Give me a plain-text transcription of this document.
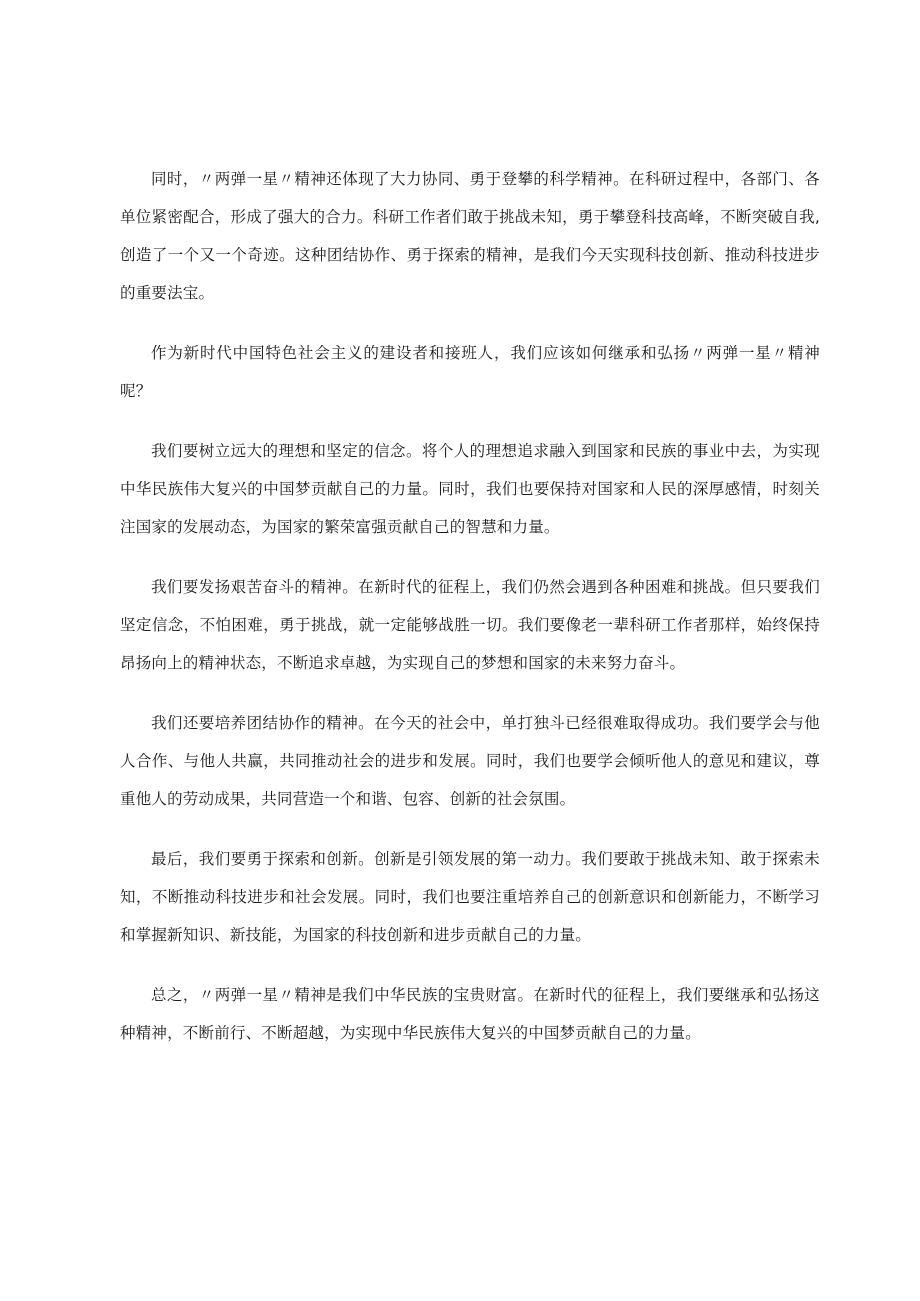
同时，〃两弹一星〃精神还体现了大力协同、勇于登攀的科学精神。在科研过程中，各部门、各单位紧密配合，形成了强大的合力。科研工作者们敢于挑战未知，勇于攀登科技高峰，不断突破自我,创造了一个又一个奇迹。这种团结协作、勇于探索的精神，是我们今天实现科技创新、推动科技进步的重要法宝。

作为新时代中国特色社会主义的建设者和接班人，我们应该如何继承和弘扬〃两弹一星〃精神呢？

我们要树立远大的理想和坚定的信念。将个人的理想追求融入到国家和民族的事业中去，为实现中华民族伟大复兴的中国梦贡献自己的力量。同时，我们也要保持对国家和人民的深厚感情，时刻关注国家的发展动态，为国家的繁荣富强贡献自己的智慧和力量。

我们要发扬艰苦奋斗的精神。在新时代的征程上，我们仍然会遇到各种困难和挑战。但只要我们坚定信念，不怕困难，勇于挑战，就一定能够战胜一切。我们要像老一辈科研工作者那样，始终保持昂扬向上的精神状态，不断追求卓越，为实现自己的梦想和国家的未来努力奋斗。

我们还要培养团结协作的精神。在今天的社会中，单打独斗已经很难取得成功。我们要学会与他人合作、与他人共赢，共同推动社会的进步和发展。同时，我们也要学会倾听他人的意见和建议，尊重他人的劳动成果，共同营造一个和谐、包容、创新的社会氛围。

最后，我们要勇于探索和创新。创新是引领发展的第一动力。我们要敢于挑战未知、敢于探索未知，不断推动科技进步和社会发展。同时，我们也要注重培养自己的创新意识和创新能力，不断学习和掌握新知识、新技能，为国家的科技创新和进步贡献自己的力量。

总之，〃两弹一星〃精神是我们中华民族的宝贵财富。在新时代的征程上，我们要继承和弘扬这种精神，不断前行、不断超越，为实现中华民族伟大复兴的中国梦贡献自己的力量。
